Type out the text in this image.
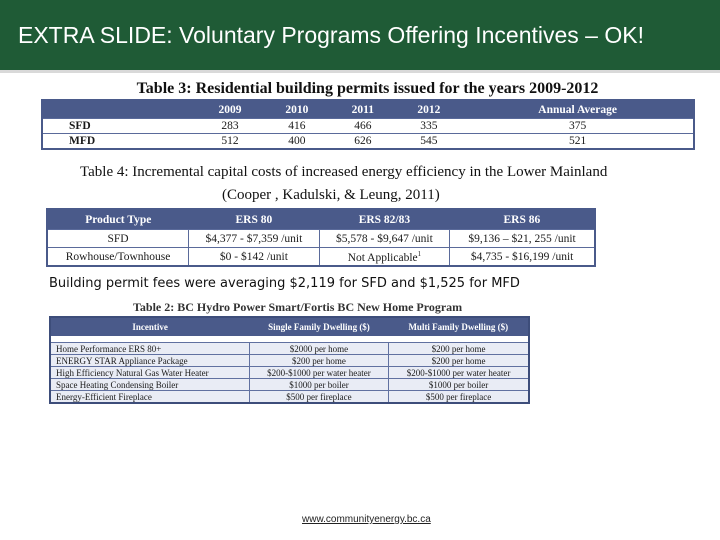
EXTRA SLIDE: Voluntary Programs Offering Incentives – OK!
Table 3: Residential building permits issued for the years 2009-2012
	2009	2010	2011	2012	Annual Average
SFD	283	416	466	335	375
MFD	512	400	626	545	521
Table 4: Incremental capital costs of increased energy efficiency in the Lower Mainland
(Cooper , Kadulski, & Leung, 2011)
Product Type	ERS 80	ERS 82/83	ERS 86
SFD	$4,377 - $7,359 /unit	$5,578 - $9,647 /unit	$9,136 – $21, 255 /unit
Rowhouse/Townhouse	$0 - $142 /unit	Not Applicable$^1$	$4,735 - $16,199 /unit
Building permit fees were averaging $2,119 for SFD and $1,525 for MFD
Table 2: BC Hydro Power Smart/Fortis BC New Home Program
Incentive	Single Family Dwelling ($)	Multi Family Dwelling ($)

Home Performance ERS 80+	$2000 per home	$200 per home
ENERGY STAR Appliance Package	$200 per home	$200 per home
High Efficiency Natural Gas Water Heater	$200-$1000 per water heater	$200-$1000 per water heater
Space Heating Condensing Boiler	$1000 per boiler	$1000 per boiler
Energy-Efficient Fireplace	$500 per fireplace	$500 per fireplace
www.communityenergy.bc.ca
